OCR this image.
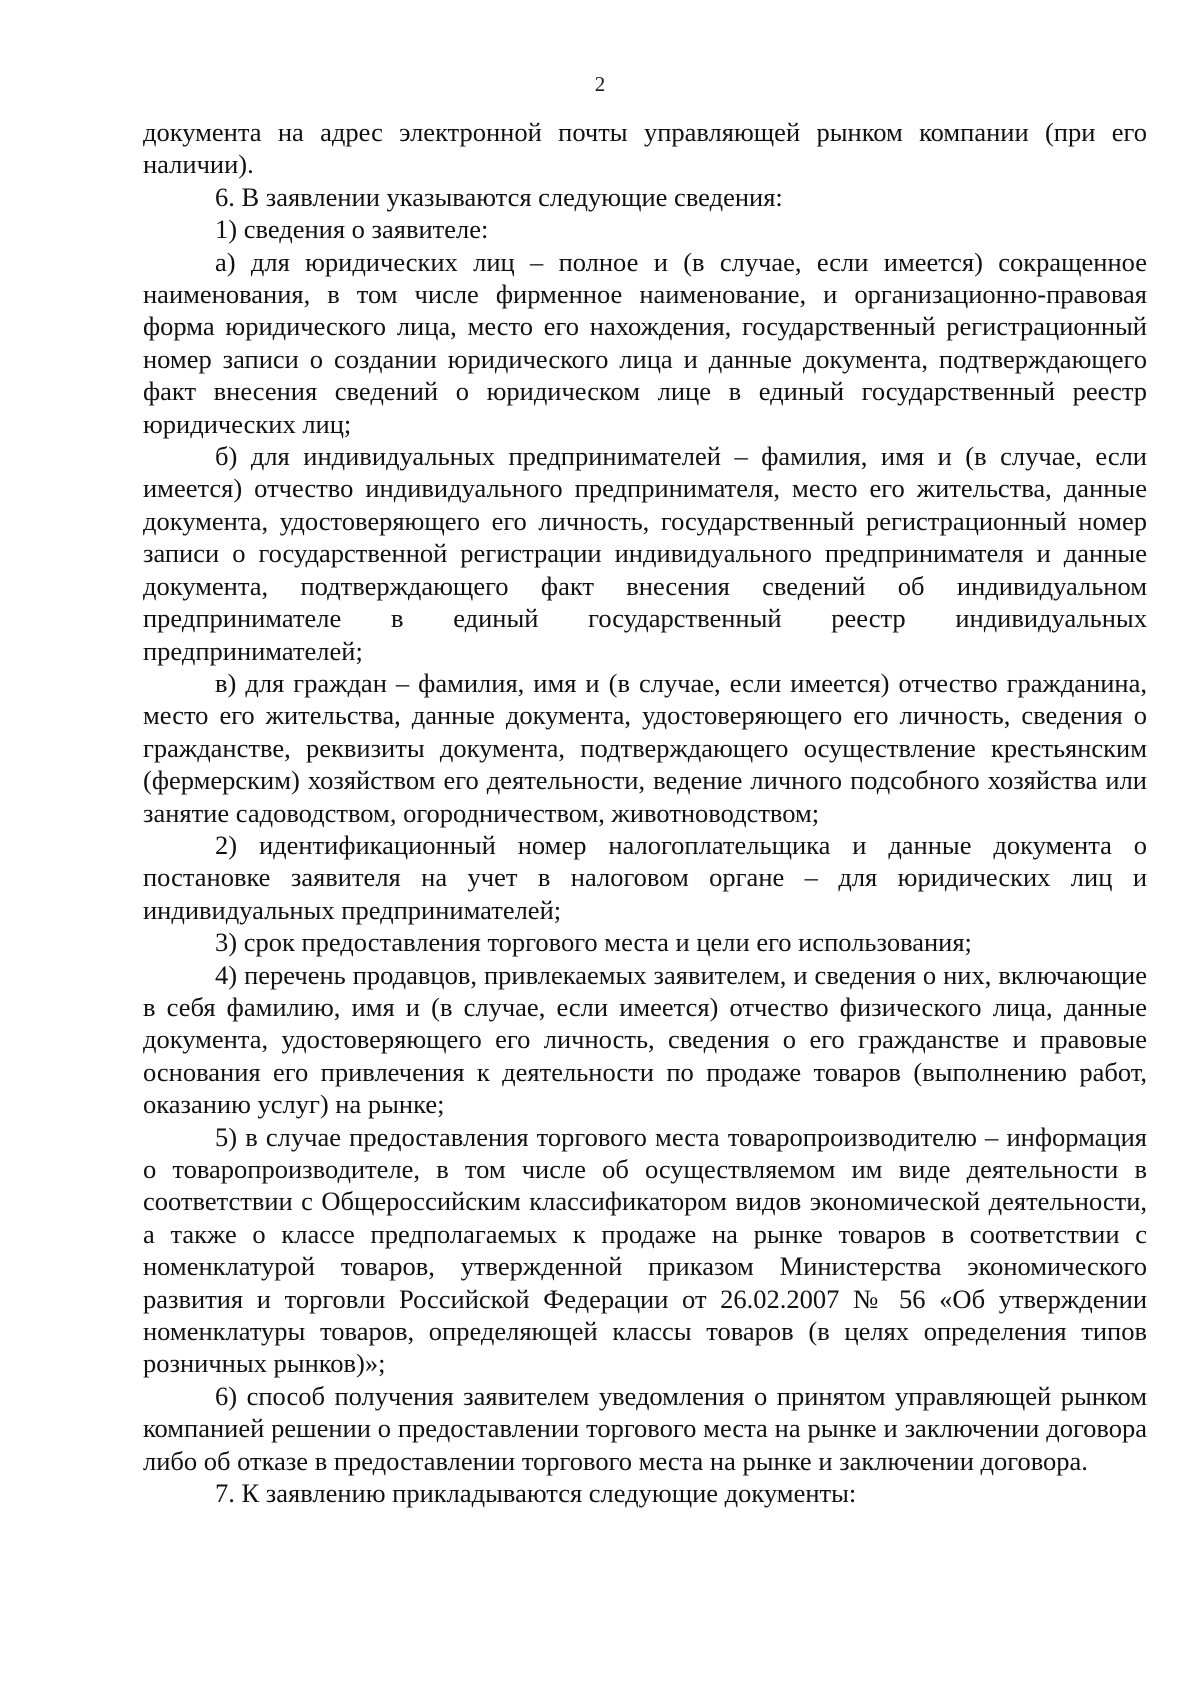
2

документа на адрес электронной почты управляющей рынком компании (при его наличии).

6. В заявлении указываются следующие сведения:

1) сведения о заявителе:

а) для юридических лиц – полное и (в случае, если имеется) сокращенное наименования, в том числе фирменное наименование, и организационно-правовая форма юридического лица, место его нахождения, государственный регистрационный номер записи о создании юридического лица и данные документа, подтверждающего факт внесения сведений о юридическом лице в единый государственный реестр юридических лиц;

б) для индивидуальных предпринимателей – фамилия, имя и (в случае, если имеется) отчество индивидуального предпринимателя, место его жительства, данные документа, удостоверяющего его личность, государственный регистрационный номер записи о государственной регистрации индивидуального предпринимателя и данные документа, подтверждающего факт внесения сведений об индивидуальном предпринимателе в единый государственный реестр индивидуальных предпринимателей;

в) для граждан – фамилия, имя и (в случае, если имеется) отчество гражданина, место его жительства, данные документа, удостоверяющего его личность, сведения о гражданстве, реквизиты документа, подтверждающего осуществление крестьянским (фермерским) хозяйством его деятельности, ведение личного подсобного хозяйства или занятие садоводством, огородничеством, животноводством;

2) идентификационный номер налогоплательщика и данные документа о постановке заявителя на учет в налоговом органе – для юридических лиц и индивидуальных предпринимателей;

3) срок предоставления торгового места и цели его использования;

4) перечень продавцов, привлекаемых заявителем, и сведения о них, включающие в себя фамилию, имя и (в случае, если имеется) отчество физического лица, данные документа, удостоверяющего его личность, сведения о его гражданстве и правовые основания его привлечения к деятельности по продаже товаров (выполнению работ, оказанию услуг) на рынке;

5) в случае предоставления торгового места товаропроизводителю – информация о товаропроизводителе, в том числе об осуществляемом им виде деятельности в соответствии с Общероссийским классификатором видов экономической деятельности, а также о классе предполагаемых к продаже на рынке товаров в соответствии с номенклатурой товаров, утвержденной приказом Министерства экономического развития и торговли Российской Федерации от 26.02.2007 № 56 «Об утверждении номенклатуры товаров, определяющей классы товаров (в целях определения типов розничных рынков)»;

6) способ получения заявителем уведомления о принятом управляющей рынком компанией решении о предоставлении торгового места на рынке и заключении договора либо об отказе в предоставлении торгового места на рынке и заключении договора.

7. К заявлению прикладываются следующие документы:
